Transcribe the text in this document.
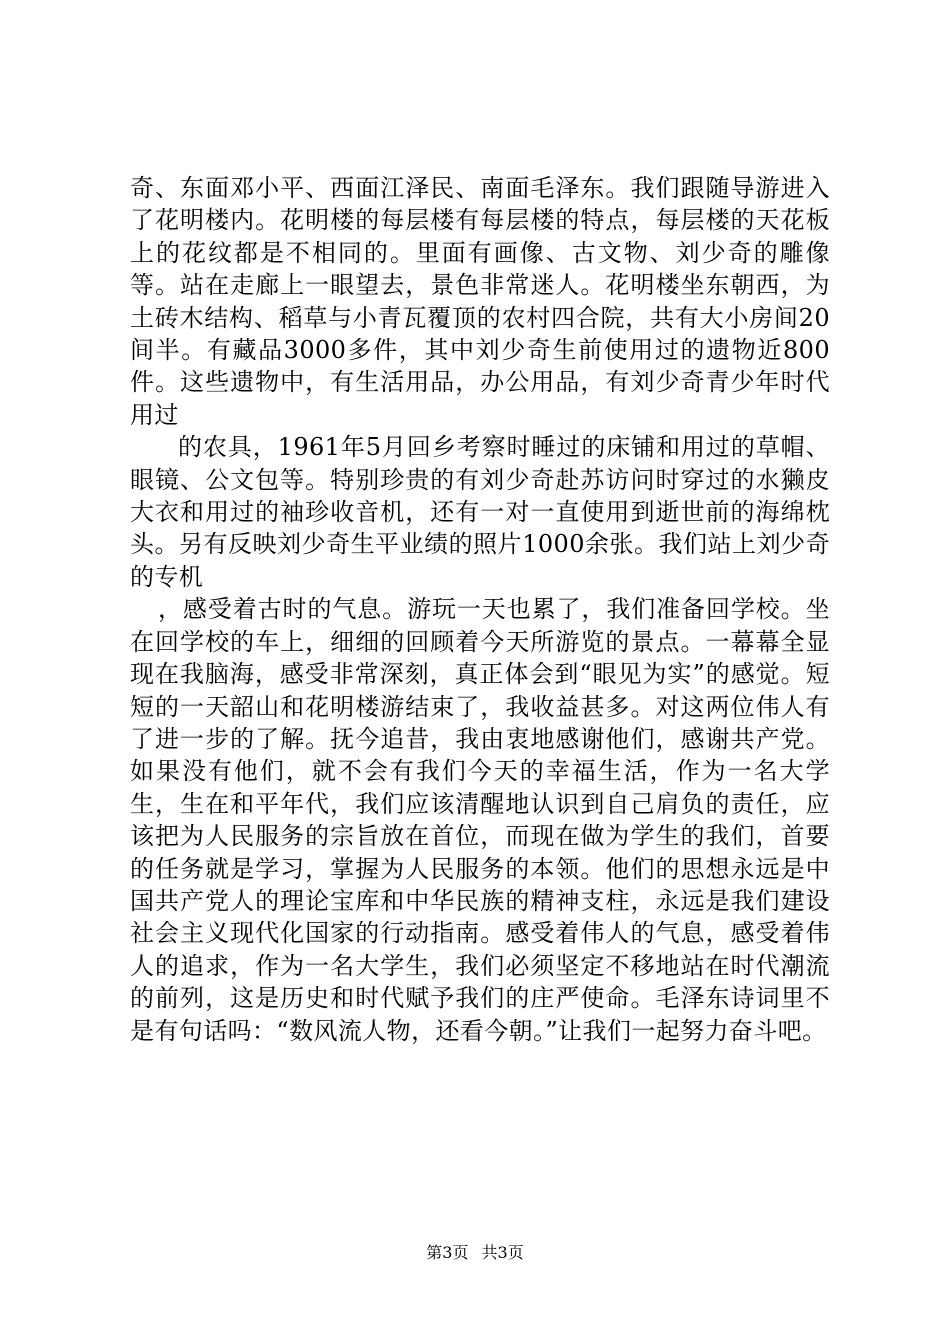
奇、东面邓小平、西面江泽民、南面毛泽东。我们跟随导游进入了花明楼内。花明楼的每层楼有每层楼的特点，每层楼的天花板上的花纹都是不相同的。里面有画像、古文物、刘少奇的雕像等。站在走廊上一眼望去，景色非常迷人。花明楼坐东朝西，为土砖木结构、稻草与小青瓦覆顶的农村四合院，共有大小房间20间半。有藏品3000多件，其中刘少奇生前使用过的遗物近800件。这些遗物中，有生活用品，办公用品，有刘少奇青少年时代用过

的农具，1961年5月回乡考察时睡过的床铺和用过的草帽、眼镜、公文包等。特别珍贵的有刘少奇赴苏访问时穿过的水獭皮大衣和用过的袖珍收音机，还有一对一直使用到逝世前的海绵枕头。另有反映刘少奇生平业绩的照片1000余张。我们站上刘少奇的专机

，感受着古时的气息。游玩一天也累了，我们准备回学校。坐在回学校的车上，细细的回顾着今天所游览的景点。一幕幕全显现在我脑海，感受非常深刻，真正体会到“眼见为实”的感觉。短短的一天韶山和花明楼游结束了，我收益甚多。对这两位伟人有了进一步的了解。抚今追昔，我由衷地感谢他们，感谢共产党。如果没有他们，就不会有我们今天的幸福生活，作为一名大学生，生在和平年代，我们应该清醒地认识到自己肩负的责任，应该把为人民服务的宗旨放在首位，而现在做为学生的我们，首要的任务就是学习，掌握为人民服务的本领。他们的思想永远是中国共产党人的理论宝库和中华民族的精神支柱，永远是我们建设社会主义现代化国家的行动指南。感受着伟人的气息，感受着伟人的追求，作为一名大学生，我们必须坚定不移地站在时代潮流的前列，这是历史和时代赋予我们的庄严使命。毛泽东诗词里不是有句话吗：“数风流人物，还看今朝。”让我们一起努力奋斗吧。

第3页 共3页
